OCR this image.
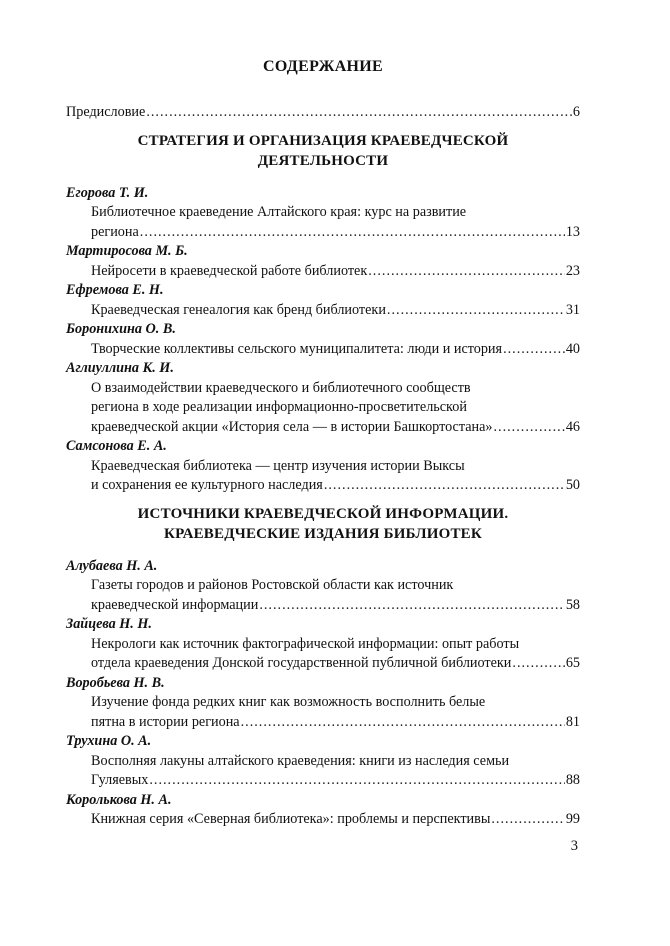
СОДЕРЖАНИЕ
Предисловие .....	6
СТРАТЕГИЯ И ОРГАНИЗАЦИЯ КРАЕВЕДЧЕСКОЙ
ДЕЯТЕЛЬНОСТИ
Егорова Т. И.
Библиотечное краеведение Алтайского края: курс на развитие
региона .....	13
Мартиросова М. Б.
Нейросети в краеведческой работе библиотек .....	23
Ефремова Е. Н.
Краеведческая генеалогия как бренд библиотеки .....	31
Боронихина О. В.
Творческие коллективы сельского муниципалитета: люди и история .....	40
Аглиуллина К. И.
О взаимодействии краеведческого и библиотечного сообществ
региона в ходе реализации информационно-просветительской
краеведческой акции «История села — в истории Башкортостана» .....	46
Самсонова Е. А.
Краеведческая библиотека — центр изучения истории Выксы
и сохранения ее культурного наследия .....	50
ИСТОЧНИКИ КРАЕВЕДЧЕСКОЙ ИНФОРМАЦИИ.
КРАЕВЕДЧЕСКИЕ ИЗДАНИЯ БИБЛИОТЕК
Алубаева Н. А.
Газеты городов и районов Ростовской области как источник
краеведческой информации .....	58
Зайцева Н. Н.
Некрологи как источник фактографической информации: опыт работы
отдела краеведения Донской государственной публичной библиотеки .....	65
Воробьева Н. В.
Изучение фонда редких книг как возможность восполнить белые
пятна в истории региона .....	81
Трухина О. А.
Восполняя лакуны алтайского краеведения: книги из наследия семьи
Гуляевых .....	88
Королькова Н. А.
Книжная серия «Северная библиотека»: проблемы и перспективы .....	99
3
